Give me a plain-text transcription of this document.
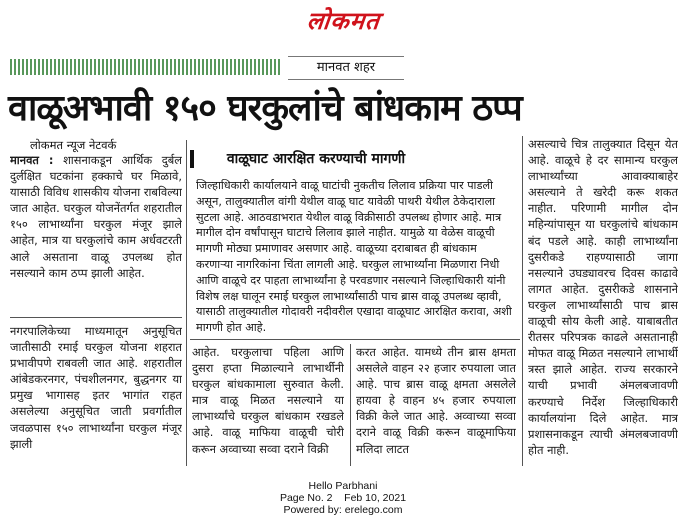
लोकमत
मानवत शहर
वाळूअभावी १५० घरकुलांचे बांधकाम ठप्प
लोकमत न्यूज नेटवर्क
मानवत : शासनाकडून आर्थिक दुर्बल दुर्लक्षित घटकांना हक्काचे घर मिळावे, यासाठी विविध शासकीय योजना राबविल्या जात आहेत. घरकुल योजनेंतर्गत शहरातील १५० लाभार्थ्यांना घरकुल मंजूर झाले आहेत, मात्र या घरकुलांचे काम अर्धवटरती आले असताना वाळू उपलब्ध होत नसल्याने काम ठप्प झाली आहेत.
नगरपालिकेच्या माध्यमातून अनुसूचित जातीसाठी रमाई घरकुल योजना शहरात प्रभावीपणे राबवली जात आहे. शहरातील आंबेडकरनगर, पंचशीलनगर, बुद्धनगर या प्रमुख भागासह इतर भागांत राहत असलेल्या अनुसूचित जाती प्रवर्गातील जवळपास १५० लाभार्थ्यांना घरकुल मंजूर झाली
वाळूघाट आरक्षित करण्याची मागणी
जिल्हाधिकारी कार्यालयाने वाळू घाटांची नुकतीच लिलाव प्रक्रिया पार पाडली असून, तालुक्यातील वांगी येथील वाळू घाट यावेळी पाथरी येथील ठेकेदाराला सुटला आहे. आठवडाभरात येथील वाळू विक्रीसाठी उपलब्ध होणार आहे. मात्र मागील दोन वर्षांपासून घाटाचे लिलाव झाले नाहीत. यामुळे या वेळेस वाळूची मागणी मोठ्या प्रमाणावर असणार आहे. वाळूच्या दराबाबत ही बांधकाम करणाऱ्या नागरिकांना चिंता लागली आहे. घरकुल लाभार्थ्यांना मिळणारा निधी आणि वाळूचे दर पाहता लाभार्थ्यांना हे परवडणार नसल्याने जिल्हाधिकारी यांनी विशेष लक्ष घालून रमाई घरकुल लाभार्थ्यांसाठी पाच ब्रास वाळू उपलब्ध व्हावी, यासाठी तालुक्यातील गोदावरी नदीवरील एखादा वाळूघाट आरक्षित करावा, अशी मागणी होत आहे.
आहेत. घरकुलाचा पहिला आणि दुसरा हप्ता मिळाल्याने लाभार्थीनी घरकुल बांधकामाला सुरुवात केली. मात्र वाळू मिळत नसल्याने या लाभार्थ्यांचे घरकुल बांधकाम रखडले आहे. वाळू माफिया वाळूची चोरी करून अव्वाच्या सव्वा दराने विक्री
करत आहेत. यामध्ये तीन ब्रास क्षमता असलेले वाहन २२ हजार रुपयाला जात आहे. पाच ब्रास वाळू क्षमता असलेले हायवा हे वाहन ४५ हजार रुपयाला विक्री केले जात आहे. अव्वाच्या सव्वा दराने वाळू विक्री करून वाळूमाफिया मलिदा लाटत
असल्याचे चित्र तालुक्यात दिसून येत आहे. वाळूचे हे दर सामान्य घरकुल लाभार्थ्यांच्या आवाक्याबाहेर असल्याने ते खरेदी करू शकत नाहीत. परिणामी मागील दोन महिन्यांपासून या घरकुलांचे बांधकाम बंद पडले आहे. काही लाभार्थ्यांना दुसरीकडे राहण्यासाठी जागा नसल्याने उघड्यावरच दिवस काढावे लागत आहेत. दुसरीकडे शासनाने घरकुल लाभार्थ्यांसाठी पाच ब्रास वाळूची सोय केली आहे. याबाबतीत रीतसर परिपत्रक काढले असतानाही मोफत वाळू मिळत नसल्याने लाभार्थी त्रस्त झाले आहेत. राज्य सरकारने याची प्रभावी अंमलबजावणी करण्याचे निर्देश जिल्हाधिकारी कार्यालयांना दिले आहेत. मात्र प्रशासनाकडून त्याची अंमलबजावणी होत नाही.
Hello Parbhani
Page No. 2    Feb 10, 2021
Powered by: erelego.com
